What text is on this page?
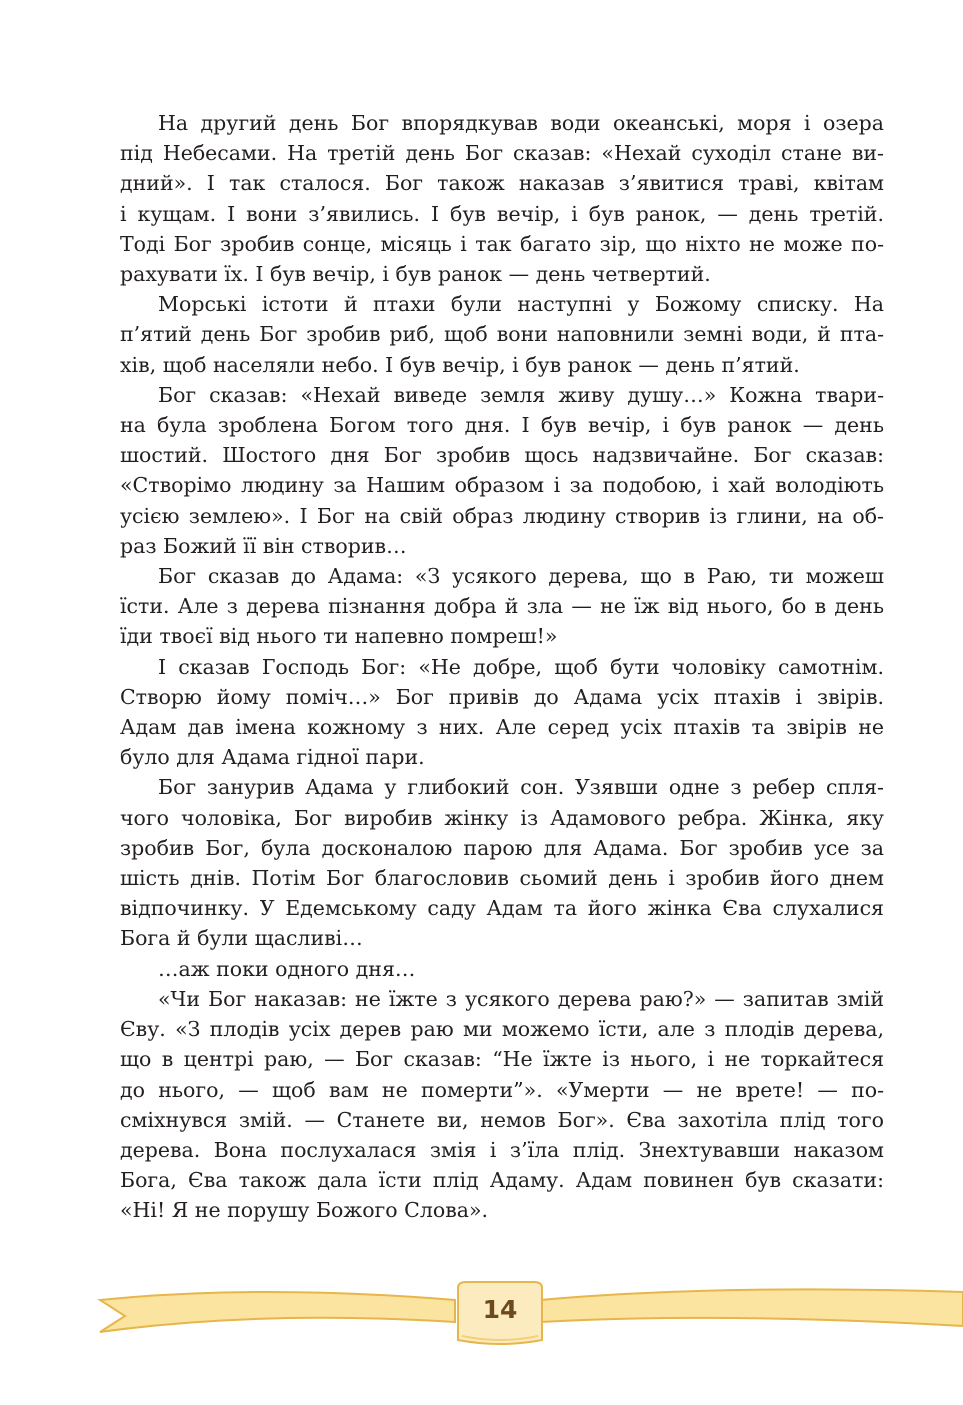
На другий день Бог впорядкував води океанські, моря і озера
під Небесами. На третій день Бог сказав: «Нехай суходіл стане ви-
дний». І так сталося. Бог також наказав з’явитися траві, квітам
і кущам. І вони з’явились. І був вечір, і був ранок, — день третій.
Тоді Бог зробив сонце, місяць і так багато зір, що ніхто не може по-
рахувати їх. І був вечір, і був ранок — день четвертий.
Морські істоти й птахи були наступні у Божому списку. На
п’ятий день Бог зробив риб, щоб вони наповнили земні води, й пта-
хів, щоб населяли небо. І був вечір, і був ранок — день п’ятий.
Бог сказав: «Нехай виведе земля живу душу…» Кожна твари-
на була зроблена Богом того дня. І був вечір, і був ранок — день
шостий. Шостого дня Бог зробив щось надзвичайне. Бог сказав:
«Створімо людину за Нашим образом і за подобою, і хай володіють
усією землею». І Бог на свій образ людину створив із глини, на об-
раз Божий її він створив…
Бог сказав до Адама: «З усякого дерева, що в Раю, ти можеш
їсти. Але з дерева пізнання добра й зла — не їж від нього, бо в день
їди твоєї від нього ти напевно помреш!»
І сказав Господь Бог: «Не добре, щоб бути чоловіку самотнім.
Створю йому поміч…» Бог привів до Адама усіх птахів і звірів.
Адам дав імена кожному з них. Але серед усіх птахів та звірів не
було для Адама гідної пари.
Бог занурив Адама у глибокий сон. Узявши одне з ребер спля-
чого чоловіка, Бог виробив жінку із Адамового ребра. Жінка, яку
зробив Бог, була досконалою парою для Адама. Бог зробив усе за
шість днів. Потім Бог благословив сьомий день і зробив його днем
відпочинку. У Едемському саду Адам та його жінка Єва слухалися
Бога й були щасливі…
…аж поки одного дня…
«Чи Бог наказав: не їжте з усякого дерева раю?» — запитав змій
Єву. «З плодів усіх дерев раю ми можемо їсти, але з плодів дерева,
що в центрі раю, — Бог сказав: “Не їжте із нього, і не торкайтеся
до нього, — щоб вам не померти”». «Умерти — не врете! — по-
сміхнувся змій. — Станете ви, немов Бог». Єва захотіла плід того
дерева. Вона послухалася змія і з’їла плід. Знехтувавши наказом
Бога, Єва також дала їсти плід Адаму. Адам повинен був сказати:
«Ні! Я не порушу Божого Слова».
14
